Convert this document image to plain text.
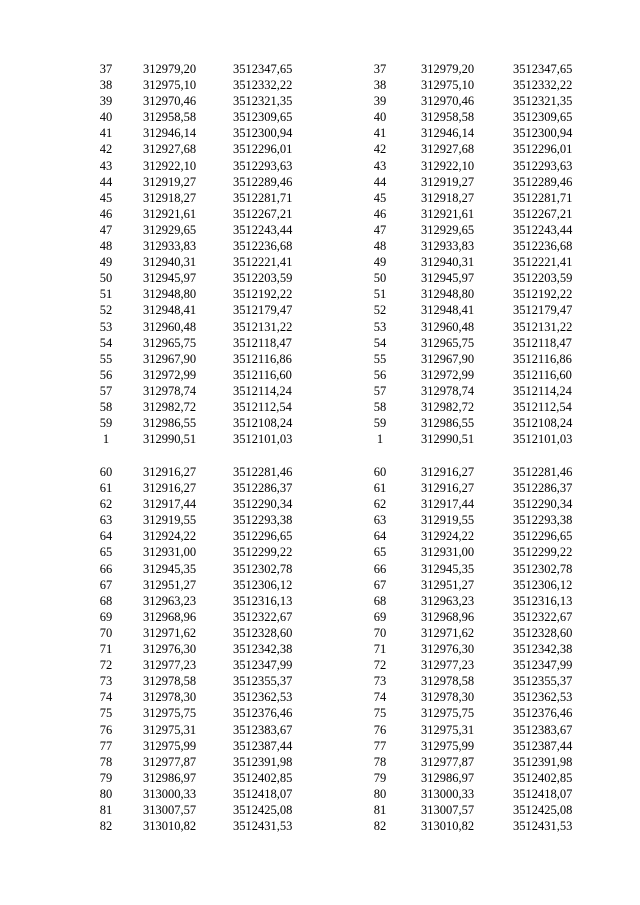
37	312979,20	3512347,65	37	312979,20	3512347,65
38	312975,10	3512332,22	38	312975,10	3512332,22
39	312970,46	3512321,35	39	312970,46	3512321,35
40	312958,58	3512309,65	40	312958,58	3512309,65
41	312946,14	3512300,94	41	312946,14	3512300,94
42	312927,68	3512296,01	42	312927,68	3512296,01
43	312922,10	3512293,63	43	312922,10	3512293,63
44	312919,27	3512289,46	44	312919,27	3512289,46
45	312918,27	3512281,71	45	312918,27	3512281,71
46	312921,61	3512267,21	46	312921,61	3512267,21
47	312929,65	3512243,44	47	312929,65	3512243,44
48	312933,83	3512236,68	48	312933,83	3512236,68
49	312940,31	3512221,41	49	312940,31	3512221,41
50	312945,97	3512203,59	50	312945,97	3512203,59
51	312948,80	3512192,22	51	312948,80	3512192,22
52	312948,41	3512179,47	52	312948,41	3512179,47
53	312960,48	3512131,22	53	312960,48	3512131,22
54	312965,75	3512118,47	54	312965,75	3512118,47
55	312967,90	3512116,86	55	312967,90	3512116,86
56	312972,99	3512116,60	56	312972,99	3512116,60
57	312978,74	3512114,24	57	312978,74	3512114,24
58	312982,72	3512112,54	58	312982,72	3512112,54
59	312986,55	3512108,24	59	312986,55	3512108,24
1	312990,51	3512101,03	1	312990,51	3512101,03
60	312916,27	3512281,46	60	312916,27	3512281,46
61	312916,27	3512286,37	61	312916,27	3512286,37
62	312917,44	3512290,34	62	312917,44	3512290,34
63	312919,55	3512293,38	63	312919,55	3512293,38
64	312924,22	3512296,65	64	312924,22	3512296,65
65	312931,00	3512299,22	65	312931,00	3512299,22
66	312945,35	3512302,78	66	312945,35	3512302,78
67	312951,27	3512306,12	67	312951,27	3512306,12
68	312963,23	3512316,13	68	312963,23	3512316,13
69	312968,96	3512322,67	69	312968,96	3512322,67
70	312971,62	3512328,60	70	312971,62	3512328,60
71	312976,30	3512342,38	71	312976,30	3512342,38
72	312977,23	3512347,99	72	312977,23	3512347,99
73	312978,58	3512355,37	73	312978,58	3512355,37
74	312978,30	3512362,53	74	312978,30	3512362,53
75	312975,75	3512376,46	75	312975,75	3512376,46
76	312975,31	3512383,67	76	312975,31	3512383,67
77	312975,99	3512387,44	77	312975,99	3512387,44
78	312977,87	3512391,98	78	312977,87	3512391,98
79	312986,97	3512402,85	79	312986,97	3512402,85
80	313000,33	3512418,07	80	313000,33	3512418,07
81	313007,57	3512425,08	81	313007,57	3512425,08
82	313010,82	3512431,53	82	313010,82	3512431,53
